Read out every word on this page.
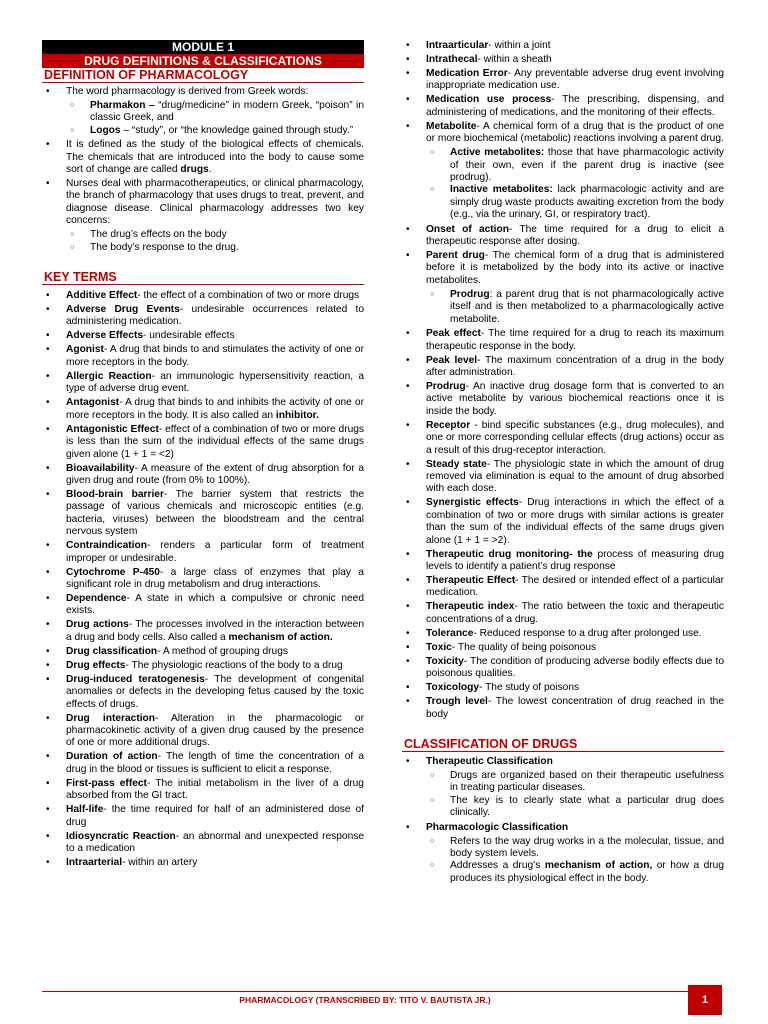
MODULE 1
DRUG DEFINITIONS & CLASSIFICATIONS
DEFINITION OF PHARMACOLOGY
• The word pharmacology is derived from Greek words:
○ Pharmakon – “drug/medicine” in modern Greek, “poison” in classic Greek, and
○ Logos – “study”, or “the knowledge gained through study.”
• It is defined as the study of the biological effects of chemicals. The chemicals that are introduced into the body to cause some sort of change are called drugs.
• Nurses deal with pharmacotherapeutics, or clinical pharmacology, the branch of pharmacology that uses drugs to treat, prevent, and diagnose disease. Clinical pharmacology addresses two key concerns:
○ The drug’s effects on the body
○ The body’s response to the drug.
KEY TERMS
• Additive Effect- the effect of a combination of two or more drugs
• Adverse Drug Events- undesirable occurrences related to administering medication.
• Adverse Effects- undesirable effects
• Agonist- A drug that binds to and stimulates the activity of one or more receptors in the body.
• Allergic Reaction- an immunologic hypersensitivity reaction, a type of adverse drug event.
• Antagonist- A drug that binds to and inhibits the activity of one or more receptors in the body. It is also called an inhibitor.
• Antagonistic Effect- effect of a combination of two or more drugs is less than the sum of the individual effects of the same drugs given alone (1 + 1 = <2)
• Bioavailability- A measure of the extent of drug absorption for a given drug and route (from 0% to 100%).
• Blood-brain barrier- The barrier system that restricts the passage of various chemicals and microscopic entities (e.g. bacteria, viruses) between the bloodstream and the central nervous system
• Contraindication- renders a particular form of treatment improper or undesirable.
• Cytochrome P-450- a large class of enzymes that play a significant role in drug metabolism and drug interactions.
• Dependence- A state in which a compulsive or chronic need exists.
• Drug actions- The processes involved in the interaction between a drug and body cells. Also called a mechanism of action.
• Drug classification- A method of grouping drugs
• Drug effects- The physiologic reactions of the body to a drug
• Drug-induced teratogenesis- The development of congenital anomalies or defects in the developing fetus caused by the toxic effects of drugs.
• Drug interaction- Alteration in the pharmacologic or pharmacokinetic activity of a given drug caused by the presence of one or more additional drugs.
• Duration of action- The length of time the concentration of a drug in the blood or tissues is sufficient to elicit a response.
• First-pass effect- The initial metabolism in the liver of a drug absorbed from the GI tract.
• Half-life- the time required for half of an administered dose of drug
• Idiosyncratic Reaction- an abnormal and unexpected response to a medication
• Intraarterial- within an artery
• Intraarticular- within a joint
• Intrathecal- within a sheath
• Medication Error- Any preventable adverse drug event involving inappropriate medication use.
• Medication use process- The prescribing, dispensing, and administering of medications, and the monitoring of their effects.
• Metabolite- A chemical form of a drug that is the product of one or more biochemical (metabolic) reactions involving a parent drug.
○ Active metabolites: those that have pharmacologic activity of their own, even if the parent drug is inactive (see prodrug).
○ Inactive metabolites: lack pharmacologic activity and are simply drug waste products awaiting excretion from the body (e.g., via the urinary, GI, or respiratory tract).
• Onset of action- The time required for a drug to elicit a therapeutic response after dosing.
• Parent drug- The chemical form of a drug that is administered before it is metabolized by the body into its active or inactive metabolites.
○ Prodrug: a parent drug that is not pharmacologically active itself and is then metabolized to a pharmacologically active metabolite.
• Peak effect- The time required for a drug to reach its maximum therapeutic response in the body.
• Peak level- The maximum concentration of a drug in the body after administration.
• Prodrug- An inactive drug dosage form that is converted to an active metabolite by various biochemical reactions once it is inside the body.
• Receptor - bind specific substances (e.g., drug molecules), and one or more corresponding cellular effects (drug actions) occur as a result of this drug-receptor interaction.
• Steady state- The physiologic state in which the amount of drug removed via elimination is equal to the amount of drug absorbed with each dose.
• Synergistic effects- Drug interactions in which the effect of a combination of two or more drugs with similar actions is greater than the sum of the individual effects of the same drugs given alone (1 + 1 = >2).
• Therapeutic drug monitoring- the process of measuring drug levels to identify a patient’s drug response
• Therapeutic Effect- The desired or intended effect of a particular medication.
• Therapeutic index- The ratio between the toxic and therapeutic concentrations of a drug.
• Tolerance- Reduced response to a drug after prolonged use.
• Toxic- The quality of being poisonous
• Toxicity- The condition of producing adverse bodily effects due to poisonous qualities.
• Toxicology- The study of poisons
• Trough level- The lowest concentration of drug reached in the body
CLASSIFICATION OF DRUGS
• Therapeutic Classification
○ Drugs are organized based on their therapeutic usefulness in treating particular diseases.
○ The key is to clearly state what a particular drug does clinically.
• Pharmacologic Classification
○ Refers to the way drug works in a the molecular, tissue, and body system levels.
○ Addresses a drug’s mechanism of action, or how a drug produces its physiological effect in the body.
PHARMACOLOGY (TRANSCRIBED BY: TITO V. BAUTISTA JR.)	1
